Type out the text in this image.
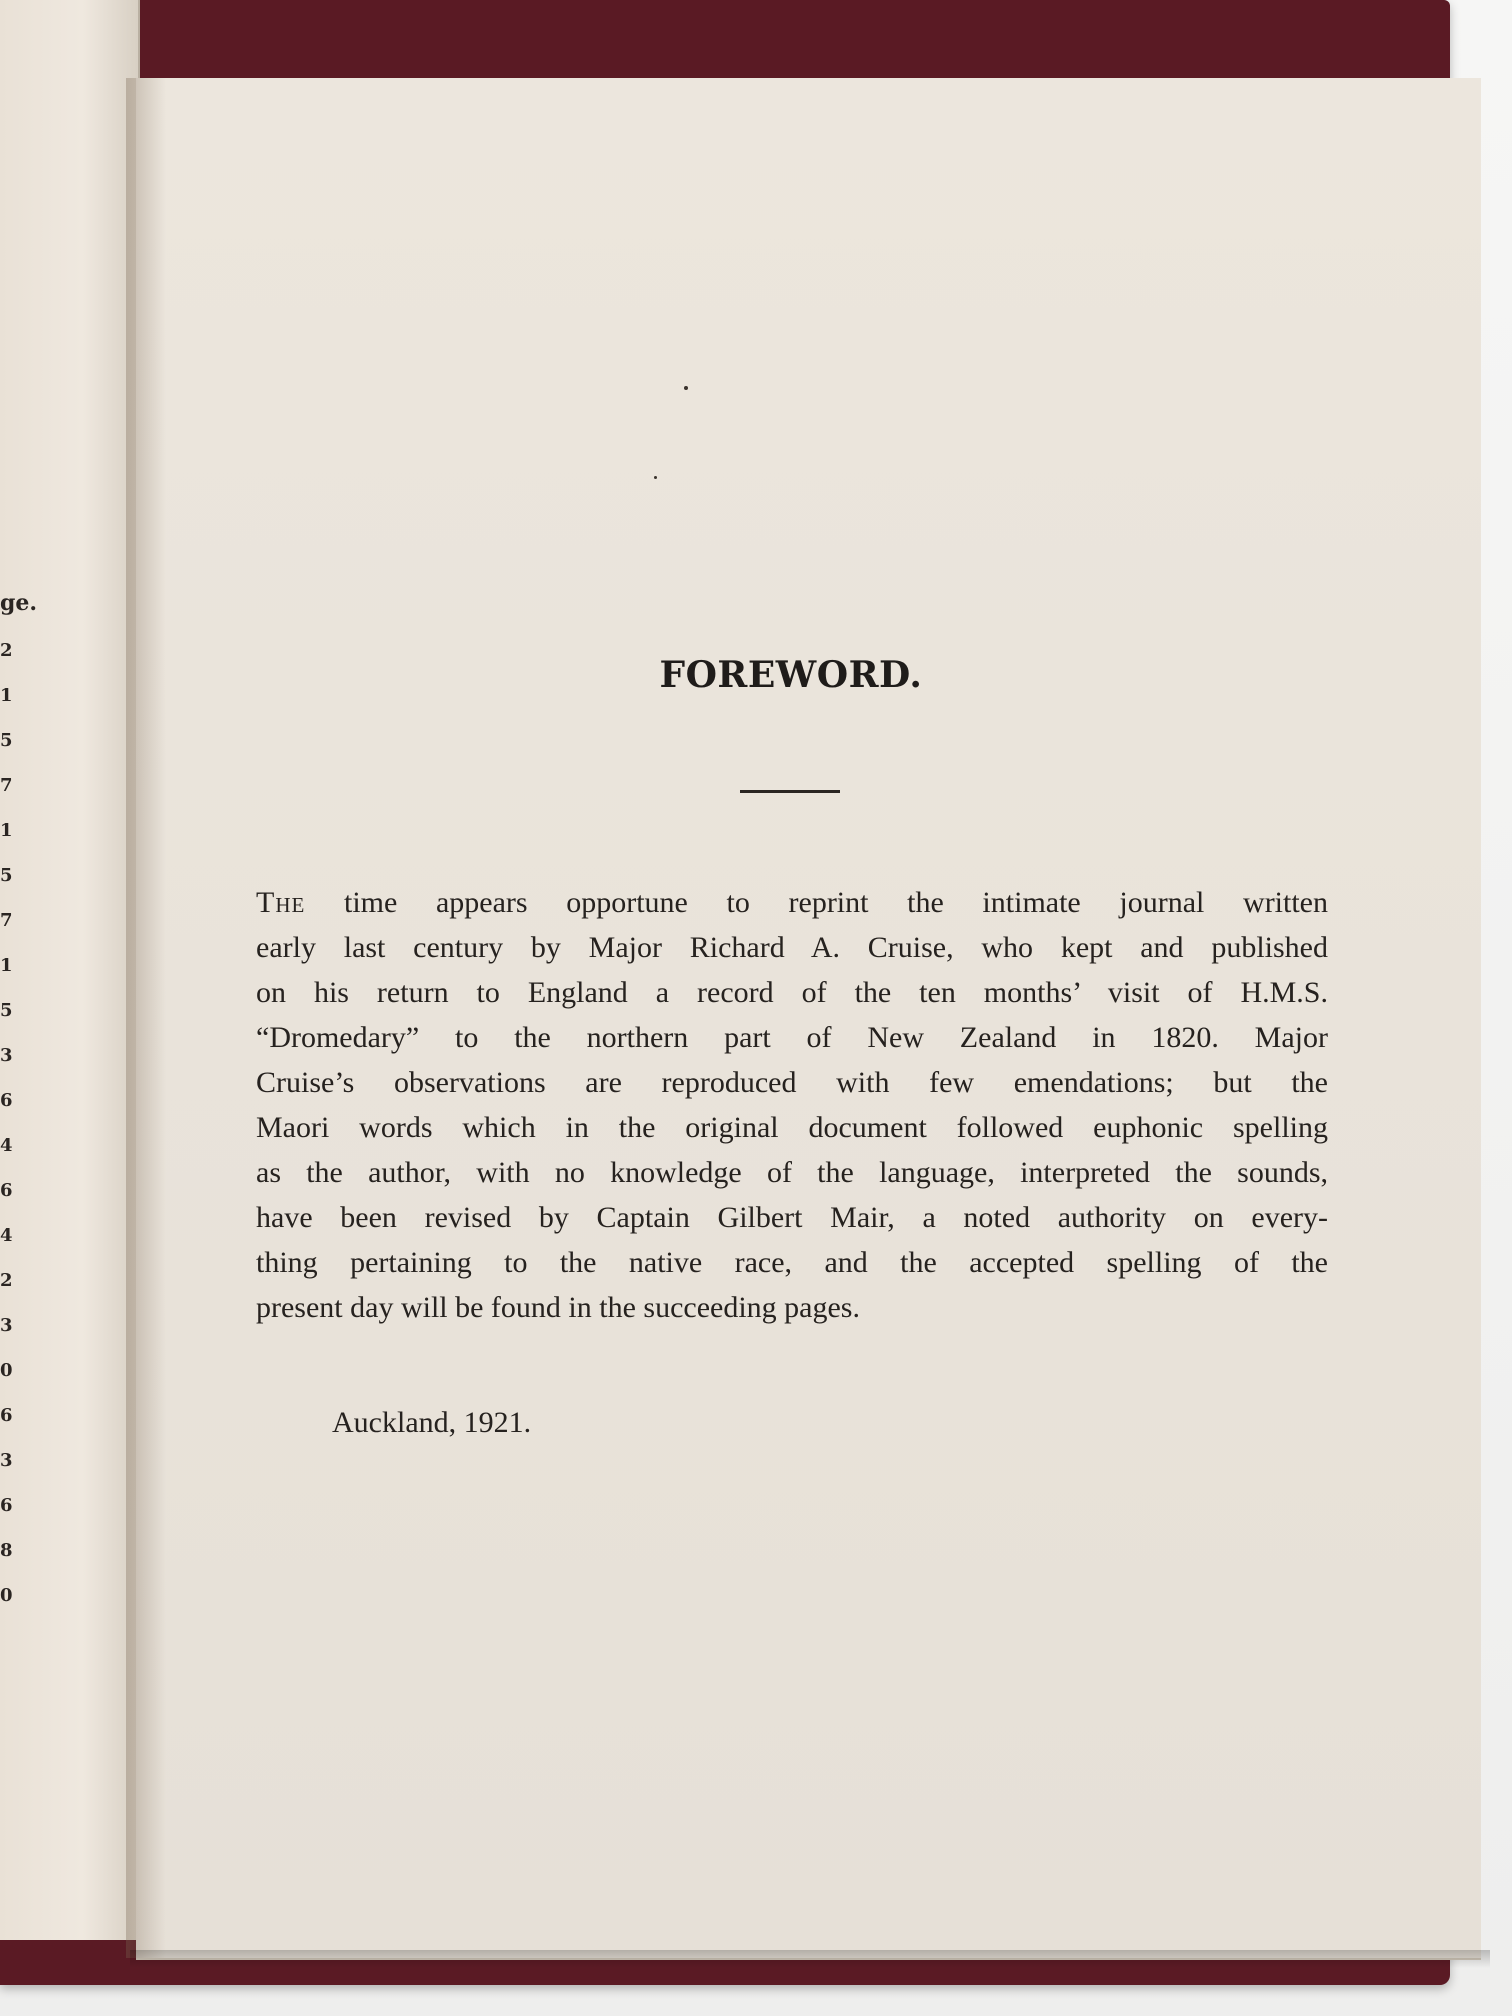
ge.
2
1
5
7
1
5
7
1
5
3
6
4
6
4
2
3
0
6
3
6
8
0
FOREWORD.
The time appears opportune to reprint the intimate journal written
early last century by Major Richard A. Cruise, who kept and published
on his return to England a record of the ten months’ visit of H.M.S.
“Dromedary” to the northern part of New Zealand in 1820. Major
Cruise’s observations are reproduced with few emendations; but the
Maori words which in the original document followed euphonic spelling
as the author, with no knowledge of the language, interpreted the sounds,
have been revised by Captain Gilbert Mair, a noted authority on every-
thing pertaining to the native race, and the accepted spelling of the
present day will be found in the succeeding pages.
Auckland, 1921.
